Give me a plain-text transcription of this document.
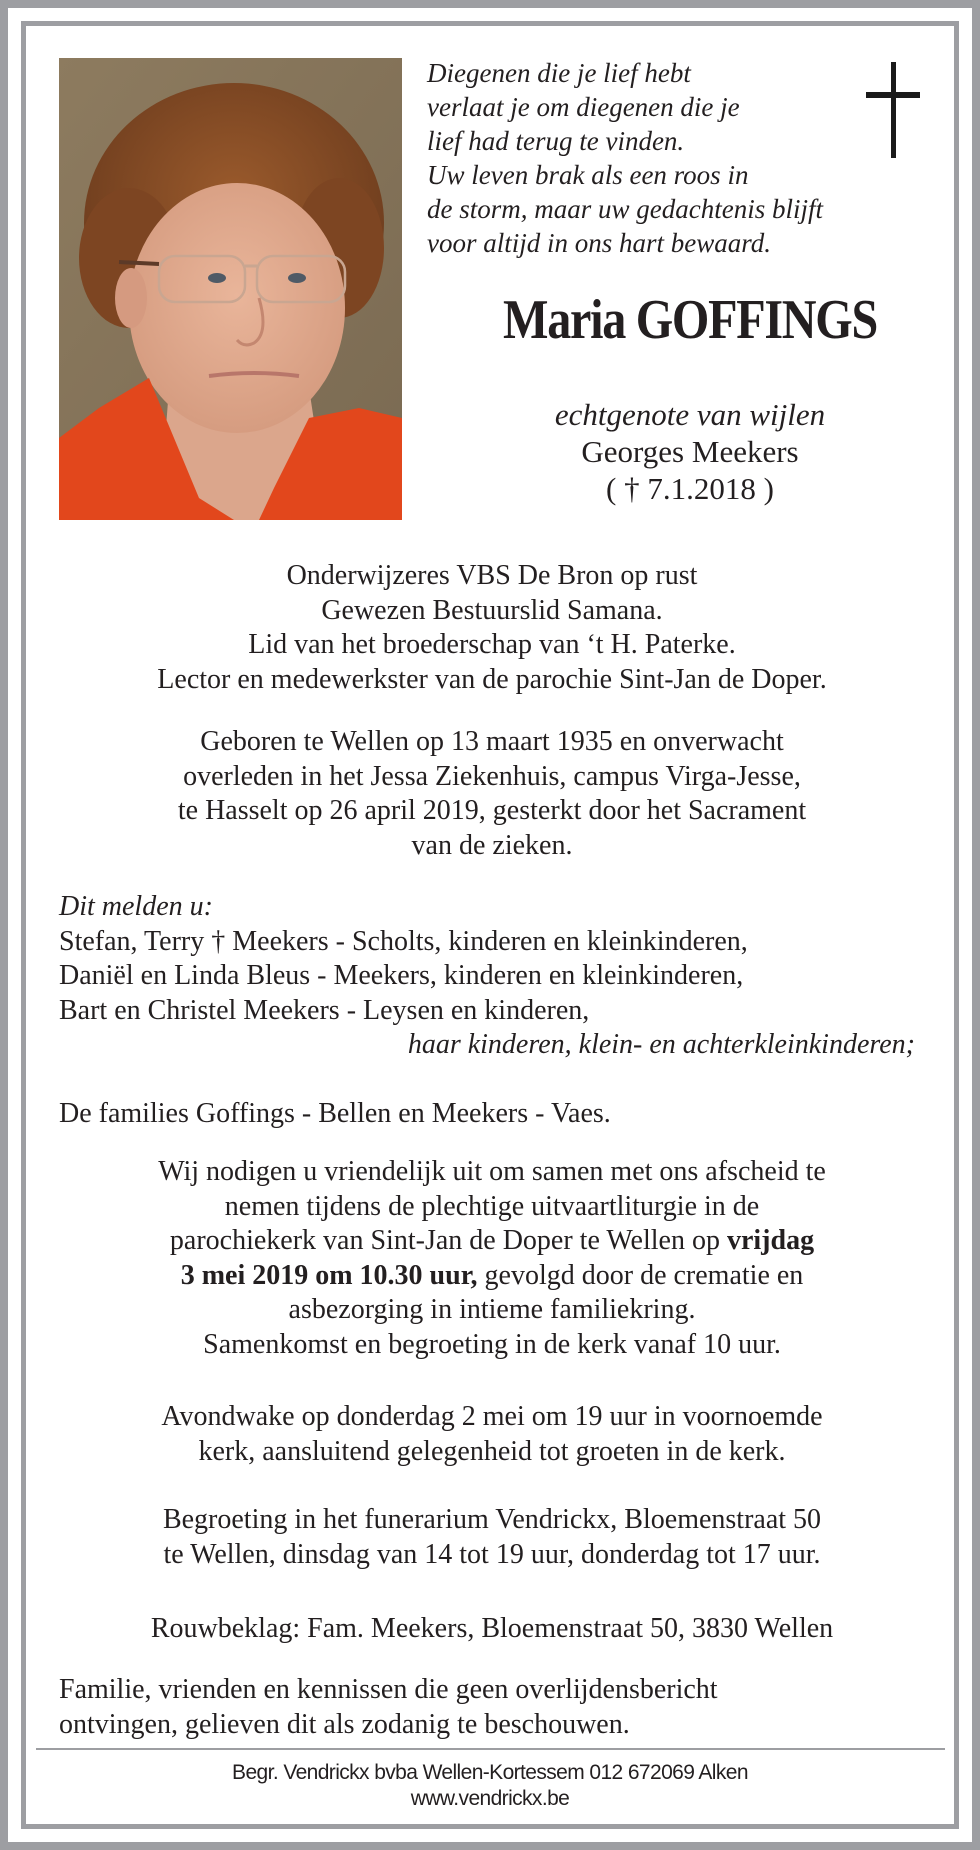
Diegenen die je lief hebt
verlaat je om diegenen die je
lief had terug te vinden.
Uw leven brak als een roos in
de storm, maar uw gedachtenis blijft
voor altijd in ons hart bewaard.
Maria GOFFINGS
echtgenote van wijlen
Georges Meekers
( † 7.1.2018 )
Onderwijzeres VBS De Bron op rust
Gewezen Bestuurslid Samana.
Lid van het broederschap van ‘t H. Paterke.
Lector en medewerkster van de parochie Sint-Jan de Doper.
Geboren te Wellen op 13 maart 1935 en onverwacht
overleden in het Jessa Ziekenhuis, campus Virga-Jesse,
te Hasselt op 26 april 2019, gesterkt door het Sacrament
van de zieken.
Dit melden u:
Stefan, Terry † Meekers - Scholts, kinderen en kleinkinderen,
Daniël en Linda Bleus - Meekers, kinderen en kleinkinderen,
Bart en Christel Meekers - Leysen en kinderen,
haar kinderen, klein- en achterkleinkinderen;
De families Goffings - Bellen en Meekers - Vaes.
Wij nodigen u vriendelijk uit om samen met ons afscheid te
nemen tijdens de plechtige uitvaartliturgie in de
parochiekerk van Sint-Jan de Doper te Wellen op vrijdag
3 mei 2019 om 10.30 uur, gevolgd door de crematie en
asbezorging in intieme familiekring.
Samenkomst en begroeting in de kerk vanaf 10 uur.
Avondwake op donderdag 2 mei om 19 uur in voornoemde
kerk, aansluitend gelegenheid tot groeten in de kerk.
Begroeting in het funerarium Vendrickx, Bloemenstraat 50
te Wellen, dinsdag van 14 tot 19 uur, donderdag tot 17 uur.
Rouwbeklag: Fam. Meekers, Bloemenstraat 50, 3830 Wellen
Familie, vrienden en kennissen die geen overlijdensbericht
ontvingen, gelieven dit als zodanig te beschouwen.
Begr. Vendrickx bvba Wellen-Kortessem 012 672069 Alken
www.vendrickx.be
